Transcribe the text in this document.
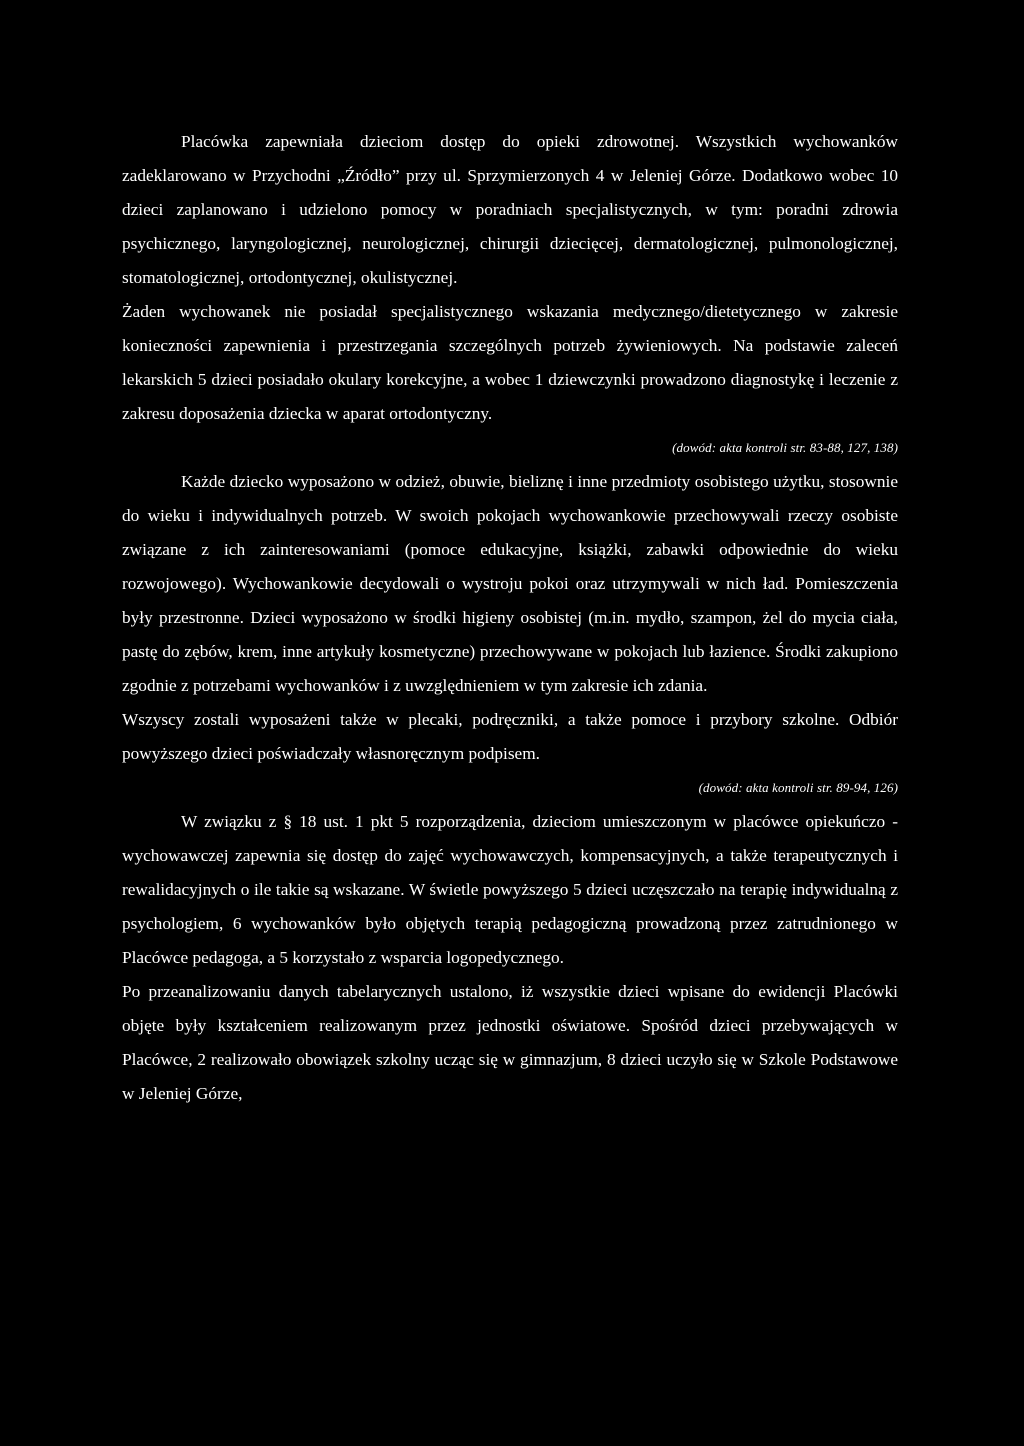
Placówka zapewniała dzieciom dostęp do opieki zdrowotnej. Wszystkich wychowanków zadeklarowano w Przychodni „Źródło” przy ul. Sprzymierzonych 4 w Jeleniej Górze. Dodatkowo wobec 10 dzieci zaplanowano i udzielono pomocy w poradniach specjalistycznych, w tym: poradni zdrowia psychicznego, laryngologicznej, neurologicznej, chirurgii dziecięcej, dermatologicznej, pulmonologicznej, stomatologicznej, ortodontycznej, okulistycznej.

Żaden wychowanek nie posiadał specjalistycznego wskazania medycznego/dietetycznego w zakresie konieczności zapewnienia i przestrzegania szczególnych potrzeb żywieniowych. Na podstawie zaleceń lekarskich 5 dzieci posiadało okulary korekcyjne, a wobec 1 dziewczynki prowadzono diagnostykę i leczenie z zakresu doposażenia dziecka w aparat ortodontyczny.

(dowód: akta kontroli str. 83-88, 127, 138)

Każde dziecko wyposażono w odzież, obuwie, bieliznę i inne przedmioty osobistego użytku, stosownie do wieku i indywidualnych potrzeb. W swoich pokojach wychowankowie przechowywali rzeczy osobiste związane z ich zainteresowaniami (pomoce edukacyjne, książki, zabawki odpowiednie do wieku rozwojowego). Wychowankowie decydowali o wystroju pokoi oraz utrzymywali w nich ład. Pomieszczenia były przestronne. Dzieci wyposażono w środki higieny osobistej (m.in. mydło, szampon, żel do mycia ciała, pastę do zębów, krem, inne artykuły kosmetyczne) przechowywane w pokojach lub łazience. Środki zakupiono zgodnie z potrzebami wychowanków i z uwzględnieniem w tym zakresie ich zdania.

Wszyscy zostali wyposażeni także w plecaki, podręczniki, a także pomoce i przybory szkolne. Odbiór powyższego dzieci poświadczały własnoręcznym podpisem.

(dowód: akta kontroli str. 89-94, 126)

W związku z § 18 ust. 1 pkt 5 rozporządzenia, dzieciom umieszczonym w placówce opiekuńczo - wychowawczej zapewnia się dostęp do zajęć wychowawczych, kompensacyjnych, a także terapeutycznych i rewalidacyjnych o ile takie są wskazane. W świetle powyższego 5 dzieci uczęszczało na terapię indywidualną z psychologiem, 6 wychowanków było objętych terapią pedagogiczną prowadzoną przez zatrudnionego w Placówce pedagoga, a 5 korzystało z wsparcia logopedycznego.

Po przeanalizowaniu danych tabelarycznych ustalono, iż wszystkie dzieci wpisane do ewidencji Placówki objęte były kształceniem realizowanym przez jednostki oświatowe. Spośród dzieci przebywających w Placówce, 2 realizowało obowiązek szkolny ucząc się w gimnazjum, 8 dzieci uczyło się w Szkole Podstawowe w Jeleniej Górze,
